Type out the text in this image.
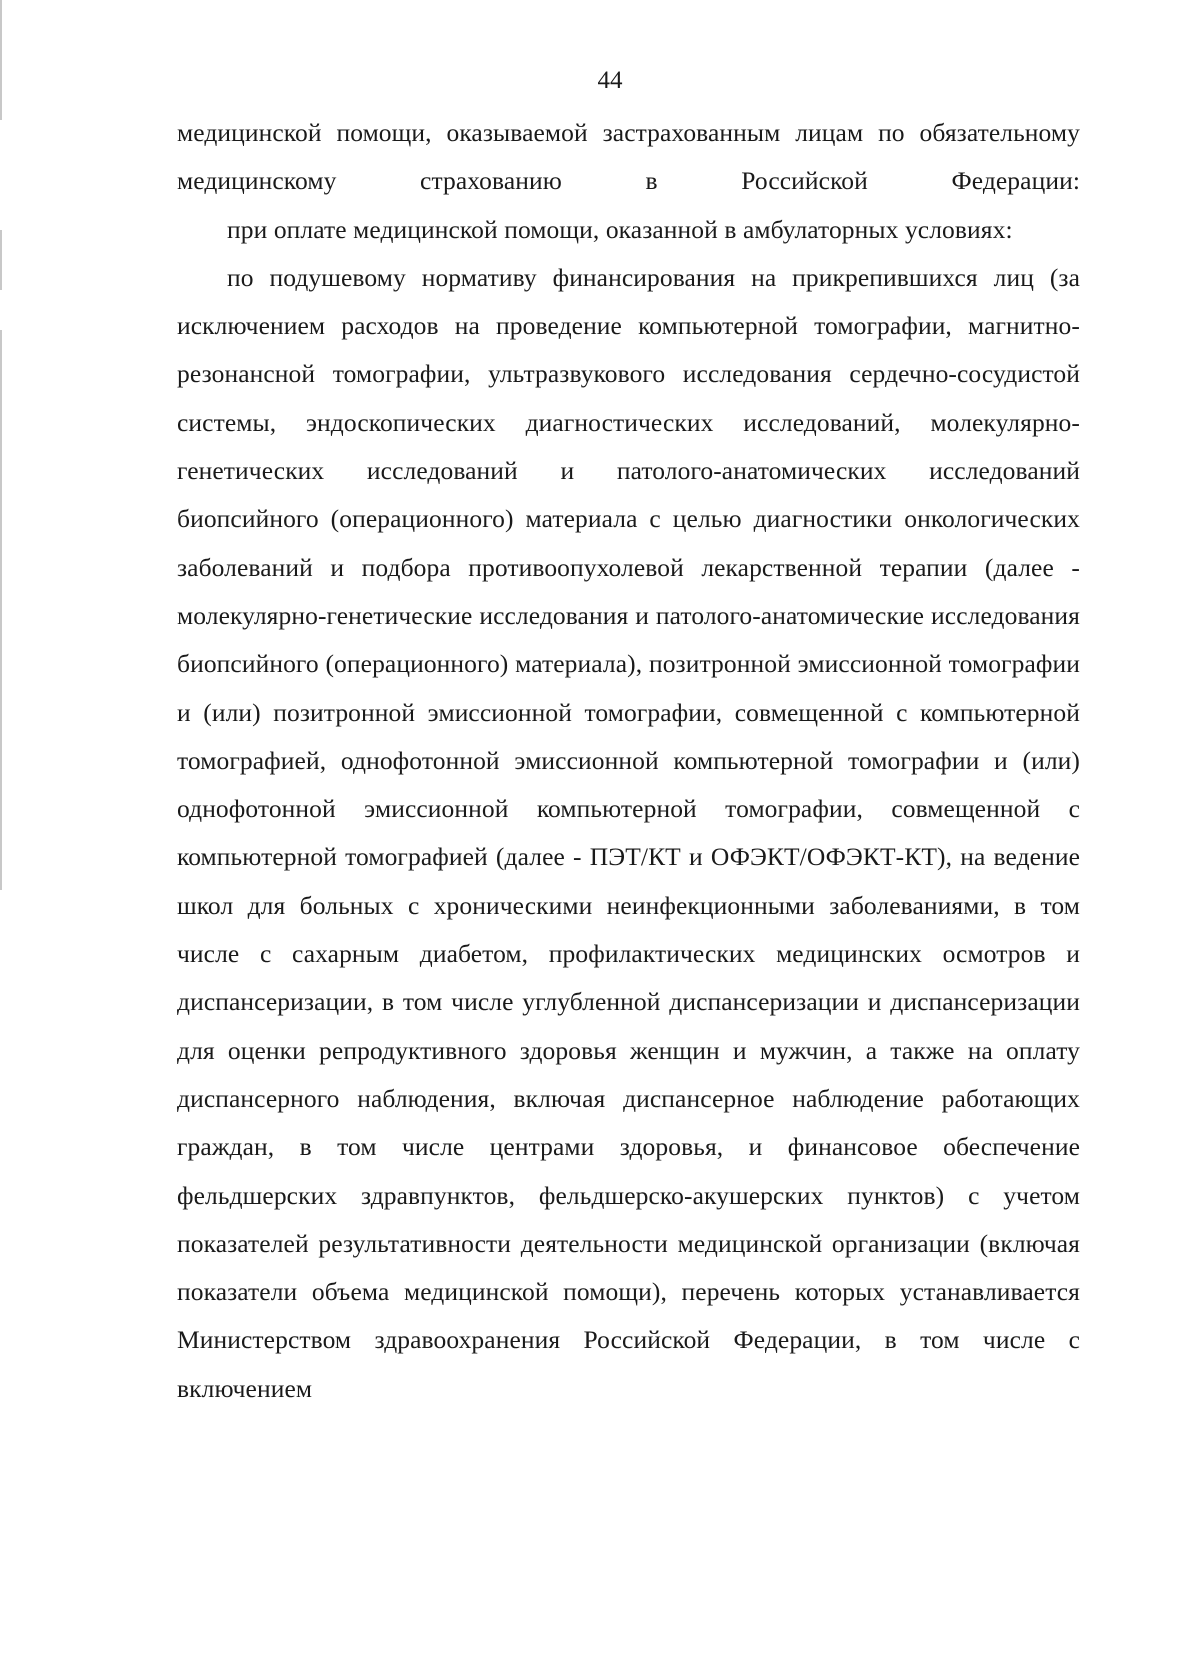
44

медицинской помощи, оказываемой застрахованным лицам по обязательному медицинскому страхованию в Российской Федерации:

при оплате медицинской помощи, оказанной в амбулаторных условиях:

по подушевому нормативу финансирования на прикрепившихся лиц (за исключением расходов на проведение компьютерной томографии, магнитно-резонансной томографии, ультразвукового исследования сердечно-сосудистой системы, эндоскопических диагностических исследований, молекулярно-генетических исследований и патолого-анатомических исследований биопсийного (операционного) материала с целью диагностики онкологических заболеваний и подбора противоопухолевой лекарственной терапии (далее - молекулярно-генетические исследования и патолого-анатомические исследования биопсийного (операционного) материала), позитронной эмиссионной томографии и (или) позитронной эмиссионной томографии, совмещенной с компьютерной томографией, однофотонной эмиссионной компьютерной томографии и (или) однофотонной эмиссионной компьютерной томографии, совмещенной с компьютерной томографией (далее - ПЭТ/КТ и ОФЭКТ/ОФЭКТ-КТ), на ведение школ для больных с хроническими неинфекционными заболеваниями, в том числе с сахарным диабетом, профилактических медицинских осмотров и диспансеризации, в том числе углубленной диспансеризации и диспансеризации для оценки репродуктивного здоровья женщин и мужчин, а также на оплату диспансерного наблюдения, включая диспансерное наблюдение работающих граждан, в том числе центрами здоровья, и финансовое обеспечение фельдшерских здравпунктов, фельдшерско-акушерских пунктов) с учетом показателей результативности деятельности медицинской организации (включая показатели объема медицинской помощи), перечень которых устанавливается Министерством здравоохранения Российской Федерации, в том числе с включением
